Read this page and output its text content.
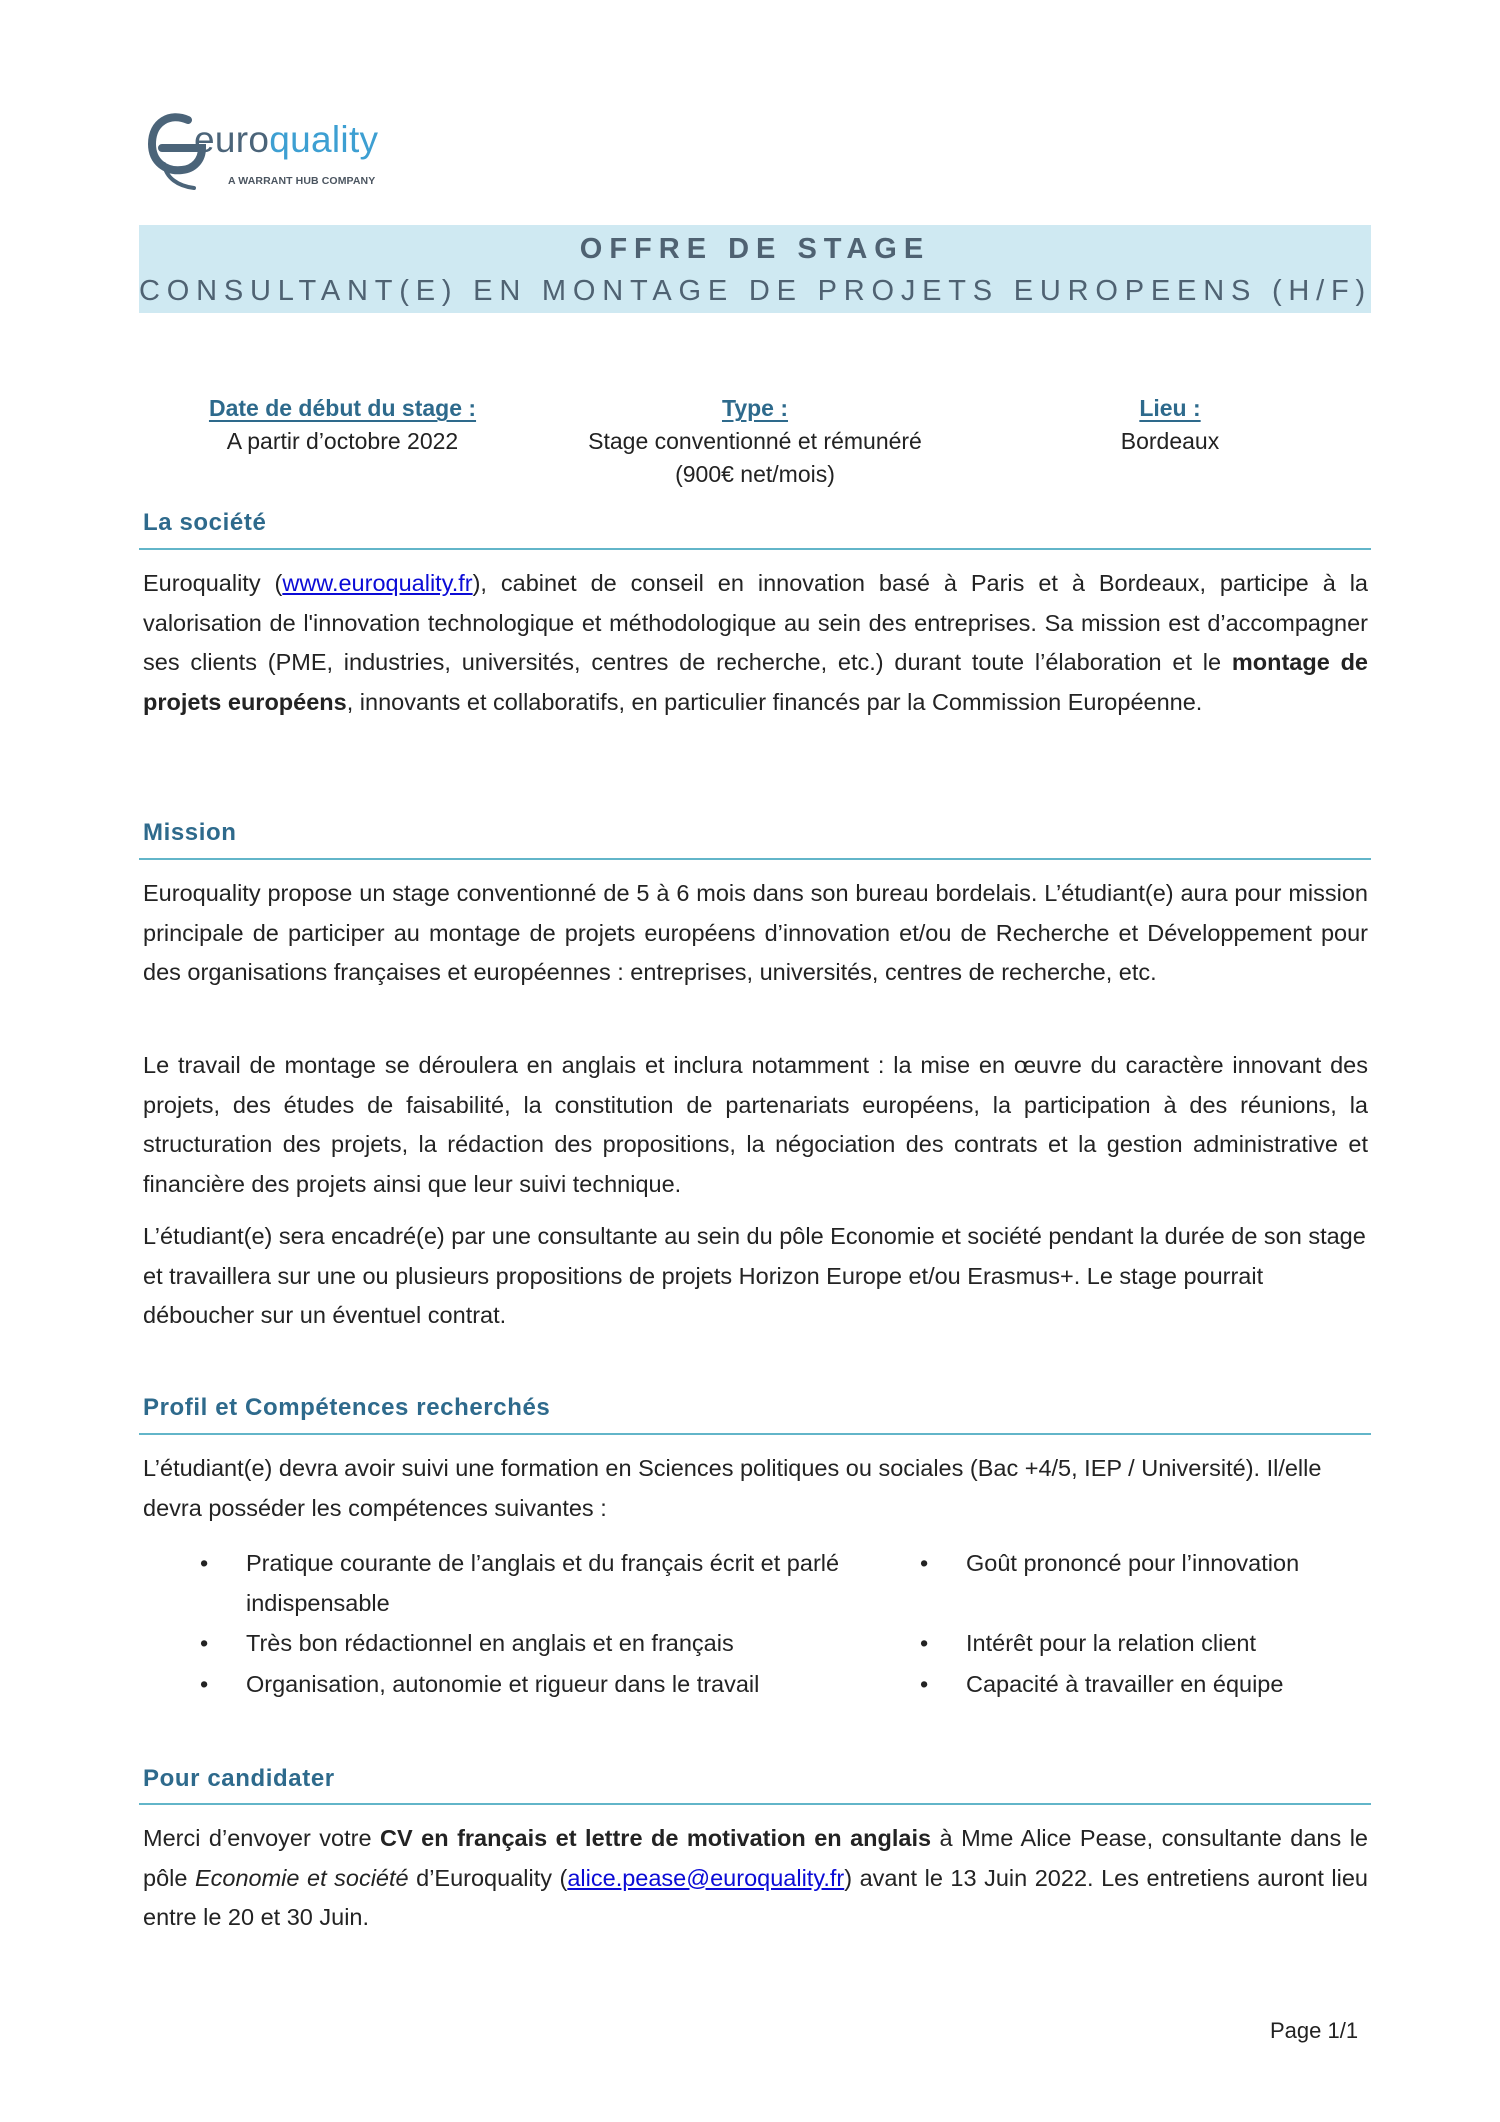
euroquality
A WARRANT HUB COMPANY
OFFRE DE STAGE
CONSULTANT(E) EN MONTAGE DE PROJETS EUROPEENS (H/F)
Date de début du stage :
A partir d’octobre 2022
Type :
Stage conventionné et rémunéré
(900€ net/mois)
Lieu :
Bordeaux
La société
Euroquality (www.euroquality.fr), cabinet de conseil en innovation basé à Paris et à Bordeaux, participe à la valorisation de l'innovation technologique et méthodologique au sein des entreprises. Sa mission est d’accompagner ses clients (PME, industries, universités, centres de recherche, etc.) durant toute l’élaboration et le montage de projets européens, innovants et collaboratifs, en particulier financés par la Commission Européenne.
Mission
Euroquality propose un stage conventionné de 5 à 6 mois dans son bureau bordelais. L’étudiant(e) aura pour mission principale de participer au montage de projets européens d’innovation et/ou de Recherche et Développement pour des organisations françaises et européennes : entreprises, universités, centres de recherche, etc.
Le travail de montage se déroulera en anglais et inclura notamment : la mise en œuvre du caractère innovant des projets, des études de faisabilité, la constitution de partenariats européens, la participation à des réunions, la structuration des projets, la rédaction des propositions, la négociation des contrats et la gestion administrative et financière des projets ainsi que leur suivi technique.
L’étudiant(e) sera encadré(e) par une consultante au sein du pôle Economie et société pendant la durée de son stage et travaillera sur une ou plusieurs propositions de projets Horizon Europe et/ou Erasmus+. Le stage pourrait déboucher sur un éventuel contrat.
Profil et Compétences recherchés
L’étudiant(e) devra avoir suivi une formation en Sciences politiques ou sociales (Bac +4/5, IEP / Université). Il/elle devra posséder les compétences suivantes :
•	Pratique courante de l’anglais et du français écrit et parlé indispensable
•	Très bon rédactionnel en anglais et en français
•	Organisation, autonomie et rigueur dans le travail
•	Goût prononcé pour l’innovation
•	Intérêt pour la relation client
•	Capacité à travailler en équipe
Pour candidater
Merci d’envoyer votre CV en français et lettre de motivation en anglais à Mme Alice Pease, consultante dans le pôle Economie et société d’Euroquality (alice.pease@euroquality.fr) avant le 13 Juin 2022. Les entretiens auront lieu entre le 20 et 30 Juin.
Page 1/1
